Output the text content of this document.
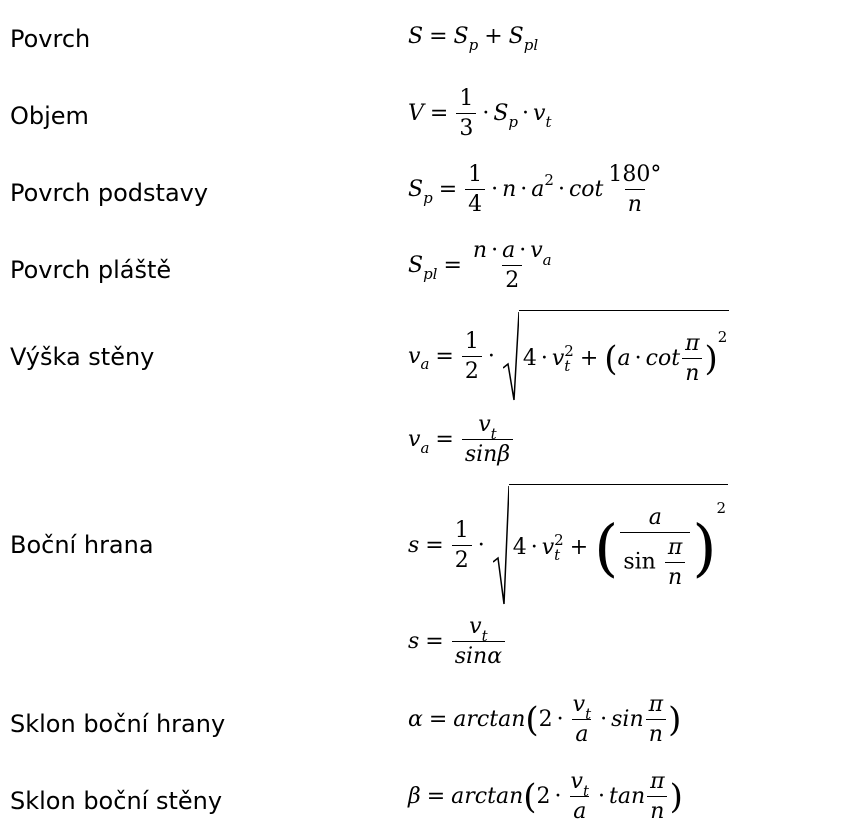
Povrch
Objem
Povrch podstavy
Povrch pláště
Výška stěny
Boční hrana
Sklon boční hrany
Sklon boční stěny
S = S p + S pl
$V = \frac{1}{3} \cdot S$ p · v t
S $p = \frac{1}{4} \cdot n \cdot a$ $2 \cdot \cot \frac{180^\circ}{n}$
S pl = $\frac{n \cdot a \cdot v_a}{2}$
v $a = \frac{1}{2} \cdot 4 \cdot v$ 2
t + ( $a \cdot \cot \frac{\pi}{n}$ )
2
v $a = \frac{v_t}{\sin\beta}$
$s = \frac{1}{2} \cdot 4 \cdot v$ 2
t + ( $\frac{a}{\sin \frac{\pi}{n}}$ )
2
$s = \frac{v_t}{\sin\alpha}$
α = arctan ( $2 \cdot \frac{v_t}{a} \cdot \sin \frac{\pi}{n}$ )
β = arctan ( $2 \cdot \frac{v_t}{a} \cdot \tan \frac{\pi}{n}$ )
